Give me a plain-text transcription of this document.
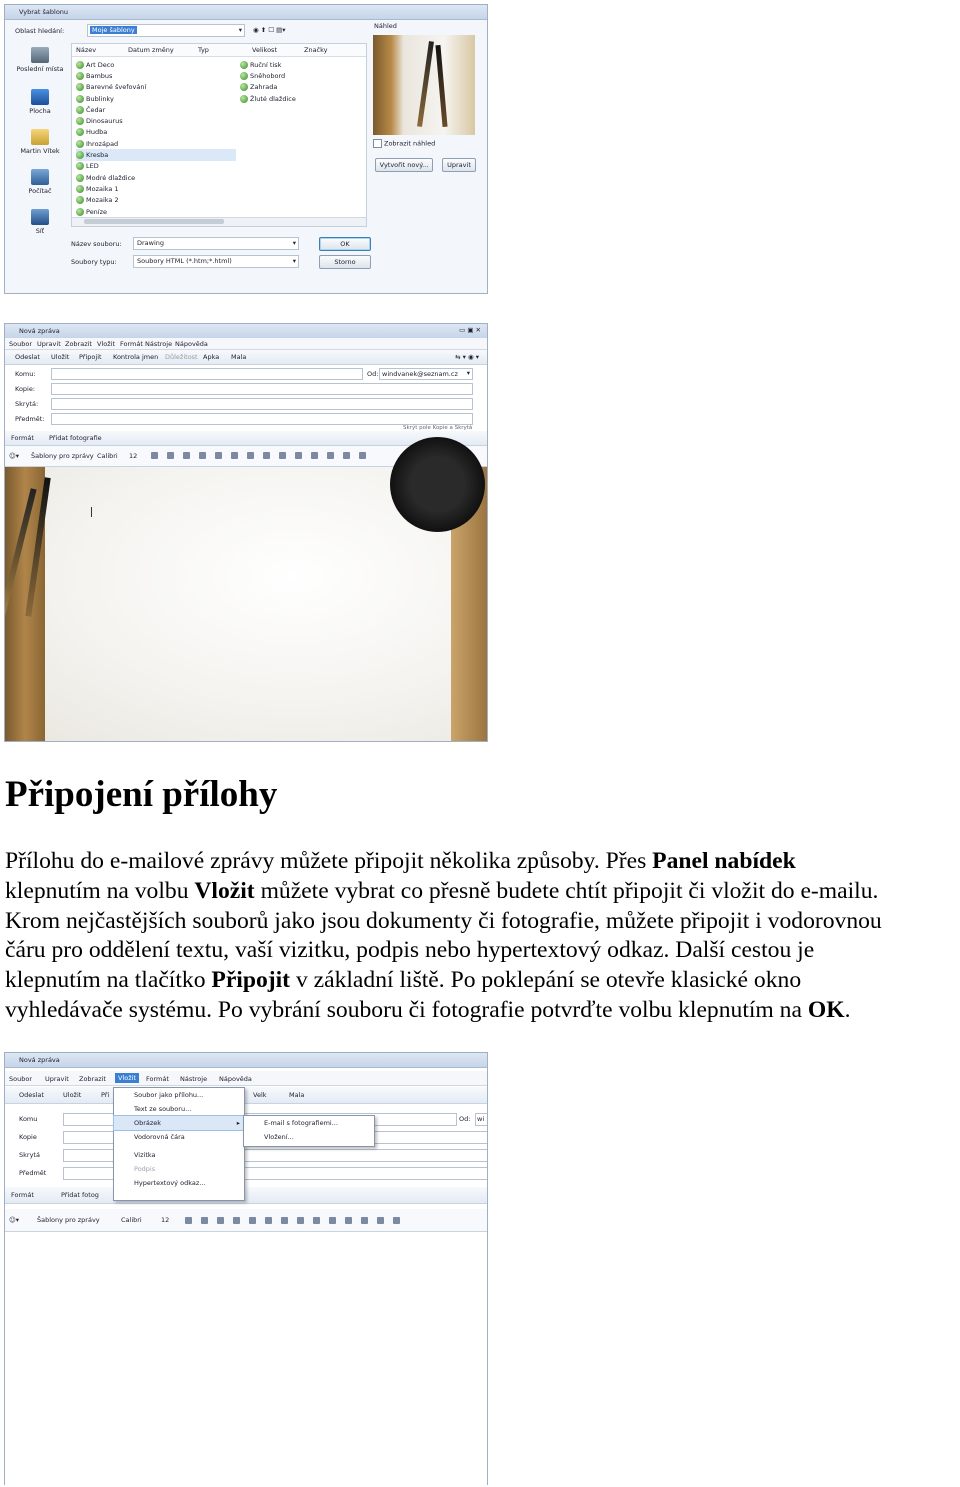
Vybrat šablonu
Oblast hledání:	Moje šablony	▾ ◉ ⬆ ☐ ▤▾	Náhled
Poslední místa
Plocha
Martin Vítek
Počítač
Síť
Název	Datum změny	Typ	Velikost	Značky
Art Deco
Bambus
Barevné švefování
Bublinky
Čedar
Dinosaurus
Hudba
Ihrozápad
Kresba
LED
Modré dlaždice
Mozaika 1
Mozaika 2
Peníze
Ruční tisk
Sněhobord
Zahrada
Žluté dlaždice
Zobrazit náhled
Vytvořit nový...	Upravit
Název souboru: Drawing	▾
Soubory typu:	Soubory HTML (*.htm;*.html)	▾
OK
Storno
Nová zpráva	▭ ▣ ✕
Soubor Upravit Zobrazit Vložit Formát Nástroje Nápověda
Odeslat Uložit Připojit Kontrola jmen Důležitost Apka Mala	⇆ ▾ ◉ ▾
Komu:	Od: windvanek@seznam.cz ▾
Kopie:
Skrytá:
Předmět:
Skrýt pole Kopie a Skrytá
Formát Přidat fotografie
☺▾ Šablony pro zprávy Calibri 12
Připojení přílohy

Přílohu do e-mailové zprávy můžete připojit několika způsoby. Přes Panel nabídek
klepnutím na volbu Vložit můžete vybrat co přesně budete chtít připojit či vložit do e-mailu.
Krom nejčastějších souborů jako jsou dokumenty či fotografie, můžete připojit i vodorovnou
čáru pro oddělení textu, vaší vizitku, podpis nebo hypertextový odkaz. Další cestou je
klepnutím na tlačítko Připojit v základní liště. Po poklepání se otevře klasické okno
vyhledávače systému. Po vybrání souboru či fotografie potvrďte volbu klepnutím na OK.

Nová zpráva
Soubor Upravit Zobrazit	Vložit	Formát Nástroje Nápověda
Odeslat	Uložit	Při	Velk	Mala
Komu	Od: wi
Kopie
Skrytá
Předmět
Formát	Přidat fotog
☺▾	Šablony pro zprávy	Calibri	12
Soubor jako přílohu...
Text ze souboru...
Obrázek	▸
Vodorovná čára
Vizitka
Podpis
Hypertextový odkaz...
E-mail s fotografiemi...
Vložení...
